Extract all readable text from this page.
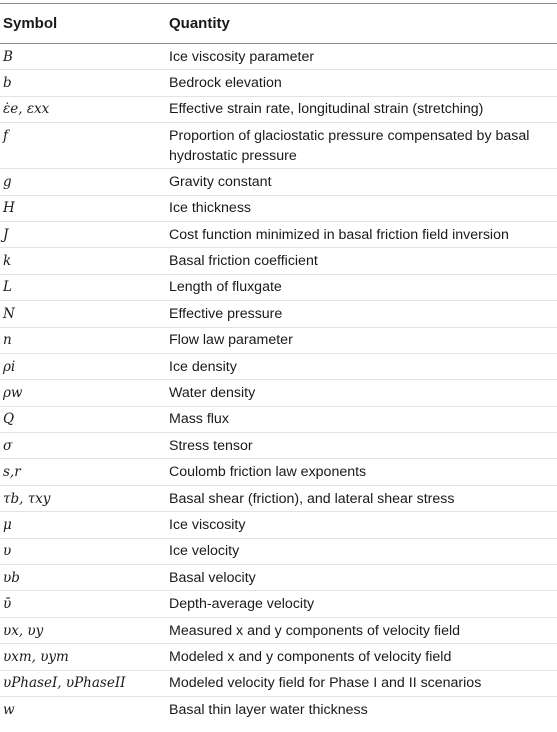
Symbol	Quantity
B	Ice viscosity parameter
b	Bedrock elevation
ε̇e, εxx	Effective strain rate, longitudinal strain (stretching)
f	Proportion of glaciostatic pressure compensated by basal hydrostatic pressure
g	Gravity constant
H	Ice thickness
J	Cost function minimized in basal friction field inversion
k	Basal friction coefficient
L	Length of fluxgate
N	Effective pressure
n	Flow law parameter
ρi	Ice density
ρw	Water density
Q	Mass flux
σ	Stress tensor
s,r	Coulomb friction law exponents
τb, τxy	Basal shear (friction), and lateral shear stress
μ	Ice viscosity
υ	Ice velocity
υb	Basal velocity
ῡ	Depth-average velocity
υx, υy	Measured x and y components of velocity field
υxm, υym	Modeled x and y components of velocity field
υPhaseI, υPhaseII	Modeled velocity field for Phase I and II scenarios
w	Basal thin layer water thickness
